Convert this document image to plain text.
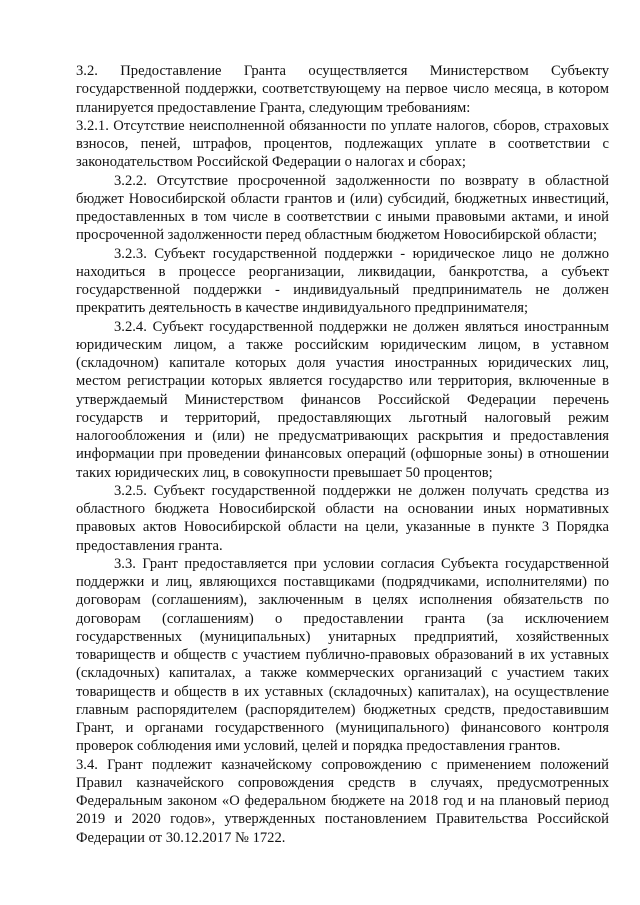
3.2. Предоставление Гранта осуществляется Министерством Субъекту государственной поддержки, соответствующему на первое число месяца, в котором планируется предоставление Гранта, следующим требованиям:

3.2.1. Отсутствие неисполненной обязанности по уплате налогов, сборов, страховых взносов, пеней, штрафов, процентов, подлежащих уплате в соответствии с законодательством Российской Федерации о налогах и сборах;

3.2.2. Отсутствие просроченной задолженности по возврату в областной бюджет Новосибирской области грантов и (или) субсидий, бюджетных инвестиций, предоставленных в том числе в соответствии с иными правовыми актами, и иной просроченной задолженности перед областным бюджетом Новосибирской области;

3.2.3. Субъект государственной поддержки - юридическое лицо не должно находиться в процессе реорганизации, ликвидации, банкротства, а субъект государственной поддержки - индивидуальный предприниматель не должен прекратить деятельность в качестве индивидуального предпринимателя;

3.2.4. Субъект государственной поддержки не должен являться иностранным юридическим лицом, а также российским юридическим лицом, в уставном (складочном) капитале которых доля участия иностранных юридических лиц, местом регистрации которых является государство или территория, включенные в утверждаемый Министерством финансов Российской Федерации перечень государств и территорий, предоставляющих льготный налоговый режим налогообложения и (или) не предусматривающих раскрытия и предоставления информации при проведении финансовых операций (офшорные зоны) в отношении таких юридических лиц, в совокупности превышает 50 процентов;

3.2.5. Субъект государственной поддержки не должен получать средства из областного бюджета Новосибирской области на основании иных нормативных правовых актов Новосибирской области на цели, указанные в пункте 3 Порядка предоставления гранта.

3.3. Грант предоставляется при условии согласия Субъекта государственной поддержки и лиц, являющихся поставщиками (подрядчиками, исполнителями) по договорам (соглашениям), заключенным в целях исполнения обязательств по договорам (соглашениям) о предоставлении гранта (за исключением государственных (муниципальных) унитарных предприятий, хозяйственных товариществ и обществ с участием публично-правовых образований в их уставных (складочных) капиталах, а также коммерческих организаций с участием таких товариществ и обществ в их уставных (складочных) капиталах), на осуществление главным распорядителем (распорядителем) бюджетных средств, предоставившим Грант, и органами государственного (муниципального) финансового контроля проверок соблюдения ими условий, целей и порядка предоставления грантов.

3.4. Грант подлежит казначейскому сопровождению с применением положений Правил казначейского сопровождения средств в случаях, предусмотренных Федеральным законом «О федеральном бюджете на 2018 год и на плановый период 2019 и 2020 годов», утвержденных постановлением Правительства Российской Федерации от 30.12.2017 № 1722.
